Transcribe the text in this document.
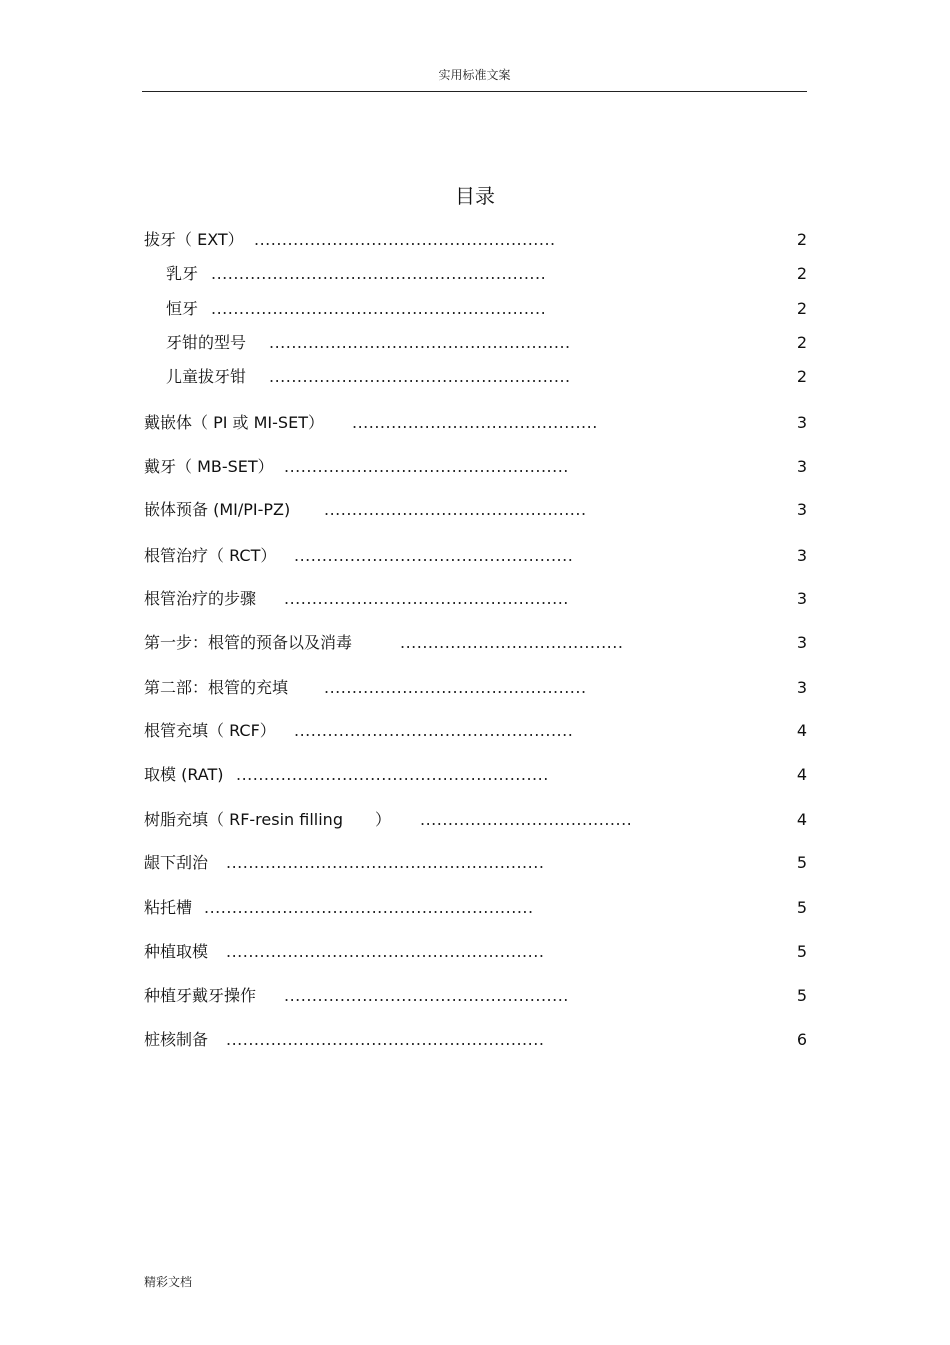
实用标准文案
目录
拔牙（ EXT） ......................................................	2
乳牙 ............................................................	2
恒牙 ............................................................	2
牙钳的型号 ......................................................	2
儿童拔牙钳 ......................................................	2
戴嵌体（ PI 或 MI-SET） ............................................	3
戴牙（ MB-SET） ...................................................	3
嵌体预备 (MI/PI-PZ) ...............................................	3
根管治疗（ RCT） ..................................................	3
根管治疗的步骤 ...................................................	3
第一步：根管的预备以及消毒	........................................	3
第二部：根管的充填 ...............................................	3
根管充填（ RCF） ..................................................	4
取模 (RAT) ........................................................	4
树脂充填（ RF-resin filling　　） ......................................	4
龈下刮治 .........................................................	5
粘托槽 ...........................................................	5
种植取模 .........................................................	5
种植牙戴牙操作 ...................................................	5
桩核制备 .........................................................	6
精彩文档
